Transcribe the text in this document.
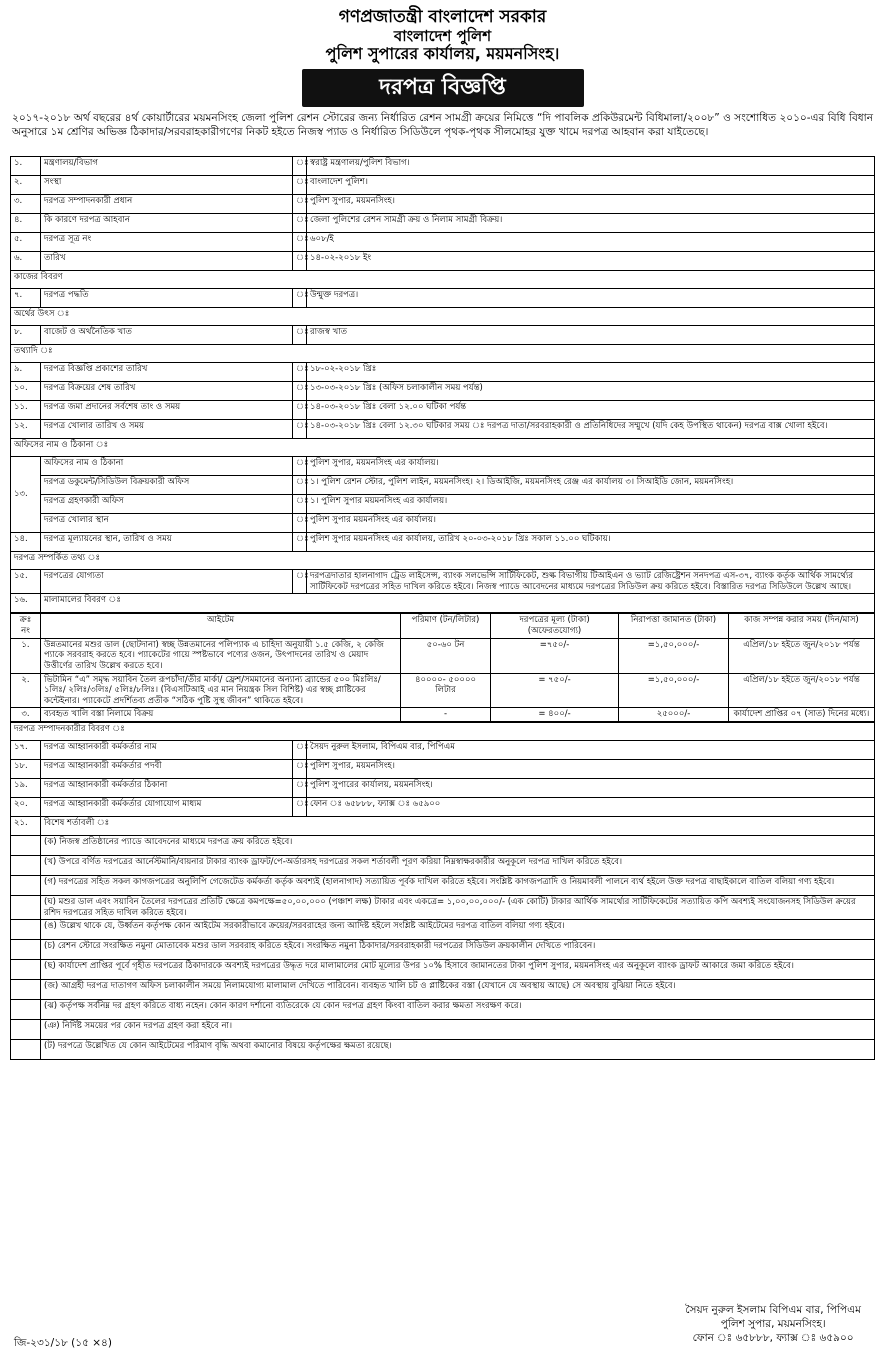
গণপ্রজাতন্ত্রী বাংলাদেশ সরকার
বাংলাদেশ পুলিশ
পুলিশ সুপারের কার্যালয়, ময়মনসিংহ।
দরপত্র বিজ্ঞপ্তি
২০১৭-২০১৮ অর্থ বছরের ৪র্থ কোয়ার্টারের ময়মনসিংহ জেলা পুলিশ রেশন স্টোরের জন্য নির্ধারিত রেশন সামগ্রী ক্রয়ের নিমিত্তে “দি পাবলিক প্রকিউরমেন্ট বিধিমালা/২০০৮” ও সংশোধিত ২০১০-এর বিধি বিধান অনুসারে ১ম শ্রেণির অভিজ্ঞ ঠিকাদার/সরবরাহকারীগণের নিকট হইতে নিজস্ব প্যাড ও নির্ধারিত সিডিউলে পৃথক-পৃথক সীলমোহর যুক্ত খামে দরপত্র আহবান করা যাইতেছে।
১.	মন্ত্রণালয়/বিভাগ	ঃ	স্বরাষ্ট্র মন্ত্রণালয়/পুলিশ বিভাগ।
২.	সংস্থা	ঃ	বাংলাদেশ পুলিশ।
৩.	দরপত্র সম্পাদনকারী প্রধান	ঃ	পুলিশ সুপার, ময়মনসিংহ।
৪.	কি কারণে দরপত্র আহবান	ঃ	জেলা পুলিশের রেশন সামগ্রী ক্রয় ও নিলাম সামগ্রী বিক্রয়।
৫.	দরপত্র সূত্র নং	ঃ	৬০৮/ই
৬.	তারিখ	ঃ	১৪-০২-২০১৮ ইং
কাজের বিবরণ			
৭.	দরপত্র পদ্ধতি	ঃ	উন্মুক্ত দরপত্র।
অর্থের উৎস ঃ			
৮.	বাজেট ও অর্থনৈতিক খাত	ঃ	রাজস্ব খাত
তথ্যাদি ঃ			
৯.	দরপত্র বিজ্ঞপ্তি প্রকাশের তারিখ	ঃ	১৮-০২-২০১৮ খ্রিঃ
১০.	দরপত্র বিক্রয়ের শেষ তারিখ	ঃ	১৩-০৩-২০১৮ খ্রিঃ (অফিস চলাকালীন সময় পর্যন্ত)
১১.	দরপত্র জমা প্রদানের সর্বশেষ তাং ও সময়	ঃ	১৪-০৩-২০১৮ খ্রিঃ বেলা ১২.০০ ঘটিকা পর্যন্ত
১২.	দরপত্র খোলার তারিখ ও সময়	ঃ	১৪-০৩-২০১৮ খ্রিঃ বেলা ১২.৩০ ঘটিকার সময় ঃ দরপত্র দাতা/সরবরাহকারী ও প্রতিনিধিদের সম্মুখে (যদি কেহ উপস্থিত থাকেন) দরপত্র বাক্স খোলা হইবে।
অফিসের নাম ও ঠিকানা ঃ			
১৩.	অফিসের নাম ও ঠিকানা	ঃ	পুলিশ সুপার, ময়মনসিংহ এর কার্যালয়।
	দরপত্র ডকুমেন্ট/সিডিউল বিক্রয়কারী অফিস	ঃ	১। পুলিশ রেশন স্টোর, পুলিশ লাইন, ময়মনসিংহ। ২। ডিআইজি, ময়মনসিংহ রেঞ্জ এর কার্যালয় ৩। সিআইডি জোন, ময়মনসিংহ।
	দরপত্র গ্রহণকারী অফিস	ঃ	১। পুলিশ সুপার ময়মনসিংহ এর কার্যালয়।
	দরপত্র খোলার স্থান	ঃ	পুলিশ সুপার ময়মনসিংহ এর কার্যালয়।
১৪.	দরপত্র মূল্যায়নের স্থান, তারিখ ও সময়	ঃ	পুলিশ সুপার ময়মনসিংহ এর কার্যালয়, তারিখ ২০-০৩-২০১৮ খ্রিঃ সকাল ১১.০০ ঘটিকায়।
দরপত্র সম্পর্কিত তথ্য ঃ			
১৫.	দরপত্রের যোগ্যতা	ঃ	দরপত্রদাতার হালনাগাদ ট্রেড লাইসেন্স, ব্যাংক সলভেন্সি সার্টিফিকেট, শুল্ক বিভাগীয় টিআইএন ও ভ্যাট রেজিষ্ট্রেশন সনদপত্র এস-৩৭, ব্যাংক কর্তৃক আর্থিক সামর্থ্যের সার্টিফিকেট দরপত্রের সহিত দাখিল করিতে হইবে। নিজস্ব প্যাডে আবেদনের মাধ্যমে দরপত্রের সিডিউল ক্রয় করিতে হইবে। বিস্তারিত দরপত্র সিডিউলে উল্লেখ আছে।
১৬.	মালামালের বিবরণ ঃ		
ক্রঃ নং	আইটেম	পরিমাণ (টন/লিটার)	দরপত্রের মূল্য (টাকা) (অফেরতযোগ্য)	নিরাপত্তা জামানত (টাকা)	কাজ সম্পন্ন করার সময় (দিন/মাস)
১.	উন্নতমানের মশুর ডাল (ছোটদানা) স্বচ্ছ উন্নতমানের পলিপ্যাক এ চাহিদা অনুযায়ী ১.৫ কেজি, ২ কেজি প্যাকে সরবরাহ করতে হবে। প্যাকেটের গায়ে স্পষ্টভাবে পণ্যের ওজন, উৎপাদনের তারিখ ও মেয়াদ উত্তীর্ণের তারিখ উল্লেখ করতে হবে।	৫০-৬০ টন	=৭৫০/-	=১,৫০,০০০/-	এপ্রিল/১৮ হইতে জুন/২০১৮ পর্যন্ত
২.	ভিটামিন “এ” সমৃদ্ধ সয়াবিন তৈল রূপচাঁদা/তীর মার্কা/ ফ্রেশ/সমমানের অন্যান্য ব্র্যান্ডের ৫০০ মিঃলিঃ/ ১লিঃ/ ২লিঃ/৩লিঃ/ ৫লিঃ/৮লিঃ। (বিএসটিআই এর মান নিয়ন্ত্রক সিল বিশিষ্ট) এর স্বচ্ছ প্লাষ্টিকের কন্টেইনার। প্যাকেটে প্রদর্শিতব্য প্রতীক “সঠিক পুষ্টি সুস্থ জীবন” থাকিতে হইবে।	৪০০০০- ৫০০০০ লিটার	= ৭৫০/-	=১,৫০,০০০/-	এপ্রিল/১৮ হইতে জুন/২০১৮ পর্যন্ত
৩.	ব্যবহৃত খালি বস্তা নিলামে বিক্রয়	-	= ৪০০/-	২৫০০০/-	কার্যাদেশ প্রাপ্তির ০৭ (সাত) দিনের মধ্যে।
দরপত্র সম্পাদনকারীর বিবরণ ঃ			
১৭.	দরপত্র আহ্বানকারী কর্মকর্তার নাম	ঃ	সৈয়দ নুরুল ইসলাম, বিপিএম বার, পিপিএম
১৮.	দরপত্র আহ্বানকারী কর্মকর্তার পদবী	ঃ	পুলিশ সুপার, ময়মনসিংহ।
১৯.	দরপত্র আহ্বানকারী কর্মকর্তার ঠিকানা	ঃ	পুলিশ সুপারের কার্যালয়, ময়মনসিংহ।
২০.	দরপত্র আহ্বানকারী কর্মকর্তার যোগাযোগ মাধ্যম	ঃ	ফোন ঃ ৬৫৮৮৮, ফ্যাক্স ঃ ৬৫৯০০
২১.	বিশেষ শর্তাবলী ঃ		
	(ক) নিজস্ব প্রতিষ্ঠানের প্যাডে আবেদনের মাধ্যমে দরপত্র ক্রয় করিতে হইবে।		
	(খ) উপরে বর্ণিত দরপত্রের আর্নেস্টমানি/বায়নার টাকার ব্যাংক ড্রাফট/পে-অর্ডারসহ দরপত্রের সকল শর্তাবলী পূরণ করিয়া নিম্নস্বাক্ষরকারীর অনুকূলে দরপত্র দাখিল করিতে হইবে।		
	(গ) দরপত্রের সহিত সকল কাগজপত্রের অনুলিপি গেজেটেড কর্মকর্তা কর্তৃক অবশ্যই (হালনাগাদ) সত্যায়িত পূর্বক দাখিল করিতে হইবে। সংশ্লিষ্ট কাগজপত্রাদি ও নিয়মাবলী পালনে ব্যর্থ হইলে উক্ত দরপত্র বাছাইকালে বাতিল বলিয়া গণ্য হইবে।		
	(ঘ) মশুর ডাল এবং সয়াবিন তৈলের দরপত্রের প্রতিটি ক্ষেত্রে কমপক্ষে=৫০,০০,০০০ (পঞ্চাশ লক্ষ) টাকার এবং একত্রে= ১,০০,০০,০০০/- (এক কোটি) টাকার আর্থিক সামর্থ্যের সার্টিফিকেটের সত্যায়িত কপি অবশ্যই সংযোজনসহ সিডিউল ক্রয়ের রশিদ দরপত্রের সহিত দাখিল করিতে হইবে।		
	(ঙ) উল্লেখ থাকে যে, উর্ধ্বতন কর্তৃপক্ষ কোন আইটেম সরকারীভাবে ক্রয়ের/সরবরাহের জন্য আদিষ্ট হইলে সংশ্লিষ্ট আইটেমের দরপত্র বাতিল বলিয়া গণ্য হইবে।		
	(চ) রেশন স্টোরে সংরক্ষিত নমুনা মোতাবেক মশুর ডাল সরবরাহ করিতে হইবে। সংরক্ষিত নমুনা ঠিকাদার/সরবরাহকারী দরপত্রের সিডিউল ক্রয়কালীন দেখিতে পারিবেন।		
	(ছ) কার্যাদেশ প্রাপ্তির পূর্বে গৃহীত দরপত্রের ঠিকাদারকে অবশ্যই দরপত্রের উদ্ধৃত দরে মালামালের মোট মূল্যের উপর ১০% হিসাবে জামানতের টাকা পুলিশ সুপার, ময়মনসিংহ এর অনুকূলে ব্যাংক ড্রাফট আকারে জমা করিতে হইবে।		
	(জ) আগ্রহী দরপত্র দাতাগণ অফিস চলাকালীন সময়ে নিলামযোগ্য মালামাল দেখিতে পারিবেন। ব্যবহৃত খালি চট ও প্লাষ্টিকের বস্তা (যেখানে যে অবস্থায় আছে) সে অবস্থায় বুঝিয়া নিতে হইবে।		
	(ঝ) কর্তৃপক্ষ সর্বনিম্ন দর গ্রহণ করিতে বাধ্য নহেন। কোন কারণ দর্শানো ব্যতিরেকে যে কোন দরপত্র গ্রহণ কিংবা বাতিল করার ক্ষমতা সংরক্ষণ করে।		
	(ঞ) নির্দিষ্ট সময়ের পর কোন দরপত্র গ্রহণ করা হইবে না।		
	(ট) দরপত্রে উল্লেখিত যে কোন আইটেমের পরিমাণ বৃদ্ধি অথবা কমানোর বিষয়ে কর্তৃপক্ষের ক্ষমতা রয়েছে।		
সৈয়দ নুরুল ইসলাম বিপিএম বার, পিপিএম
পুলিশ সুপার, ময়মনসিংহ।
ফোন ঃ ৬৫৮৮৮, ফ্যাক্স ঃ ৬৫৯০০
জি-২৩১/১৮ (১৫ ×৪)
